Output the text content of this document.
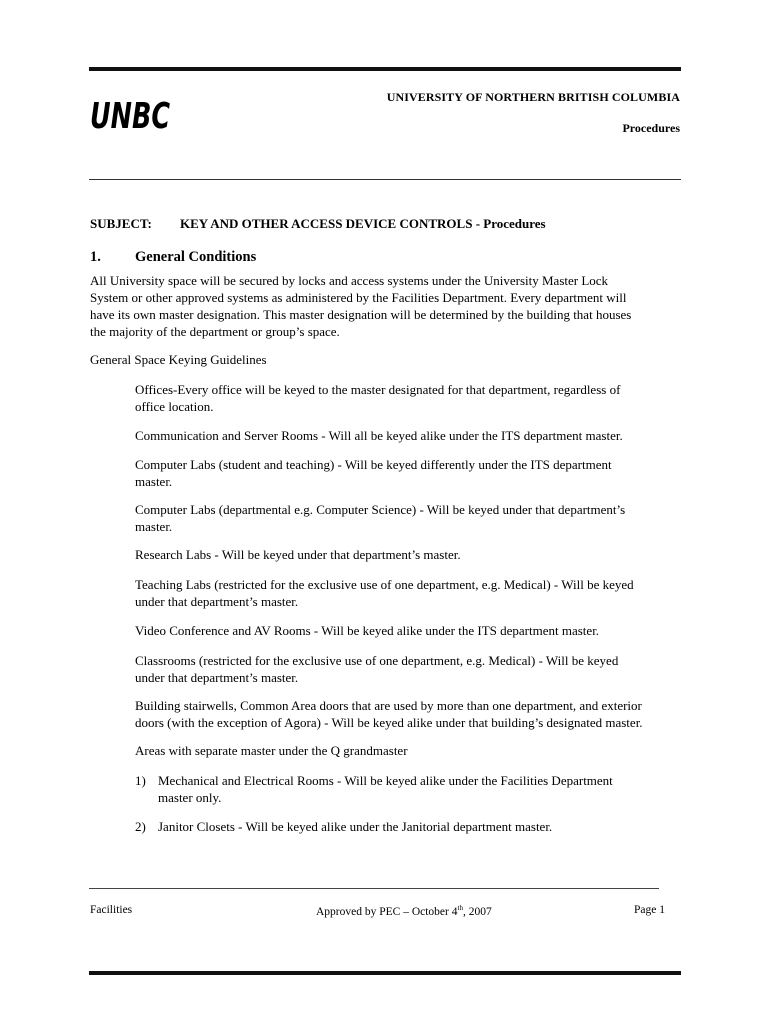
UNBC	UNIVERSITY OF NORTHERN BRITISH COLUMBIA
Procedures
SUBJECT: KEY AND OTHER ACCESS DEVICE CONTROLS - Procedures
1. General Conditions
All University space will be secured by locks and access systems under the University Master Lock
System or other approved systems as administered by the Facilities Department. Every department will
have its own master designation. This master designation will be determined by the building that houses
the majority of the department or group’s space.
General Space Keying Guidelines
Offices-Every office will be keyed to the master designated for that department, regardless of
office location.
Communication and Server Rooms - Will all be keyed alike under the ITS department master.
Computer Labs (student and teaching) - Will be keyed differently under the ITS department
master.
Computer Labs (departmental e.g. Computer Science) - Will be keyed under that department’s
master.
Research Labs - Will be keyed under that department’s master.
Teaching Labs (restricted for the exclusive use of one department, e.g. Medical) - Will be keyed
under that department’s master.
Video Conference and AV Rooms - Will be keyed alike under the ITS department master.
Classrooms (restricted for the exclusive use of one department, e.g. Medical) - Will be keyed
under that department’s master.
Building stairwells, Common Area doors that are used by more than one department, and exterior
doors (with the exception of Agora) - Will be keyed alike under that building’s designated master.
Areas with separate master under the Q grandmaster
1) Mechanical and Electrical Rooms - Will be keyed alike under the Facilities Department
master only.
2) Janitor Closets - Will be keyed alike under the Janitorial department master.
Facilities	Approved by PEC – October 4th, 2007	Page 1
